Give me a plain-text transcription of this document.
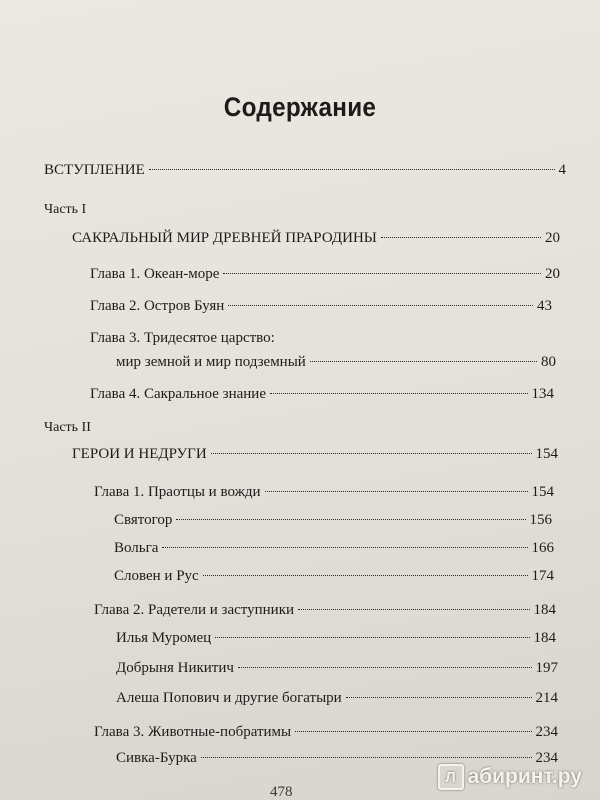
Содержание
ВСТУПЛЕНИЕ	4
Часть I
САКРАЛЬНЫЙ МИР ДРЕВНЕЙ ПРАРОДИНЫ	20
Глава 1. Океан-море	20
Глава 2. Остров Буян	43
Глава 3. Тридесятое царство:
мир земной и мир подземный	80
Глава 4. Сакральное знание	134
Часть II
ГЕРОИ И НЕДРУГИ	154
Глава 1. Праотцы и вожди	154
Святогор	156
Вольга	166
Словен и Рус	174
Глава 2. Радетели и заступники	184
Илья Муромец	184
Добрыня Никитич	197
Алеша Попович и другие богатыри	214
Глава 3. Животные-побратимы	234
Сивка-Бурка	234
478
Л абиринт.ру
